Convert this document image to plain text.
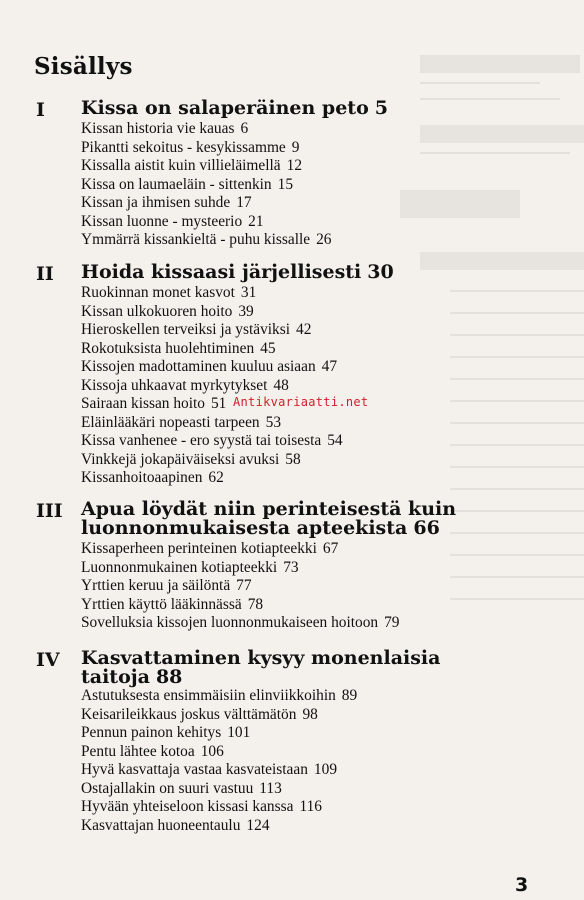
Sisällys
I Kissa on salaperäinen peto 5
Kissan historia vie kauas 6
Pikantti sekoitus - kesykissamme 9
Kissalla aistit kuin villieläimellä 12
Kissa on laumaeläin - sittenkin 15
Kissan ja ihmisen suhde 17
Kissan luonne - mysteerio 21
Ymmärrä kissankieltä - puhu kissalle 26
II Hoida kissaasi järjellisesti 30
Ruokinnan monet kasvot 31
Kissan ulkokuoren hoito 39
Hieroskellen terveiksi ja ystäviksi 42
Rokotuksista huolehtiminen 45
Kissojen madottaminen kuuluu asiaan 47
Kissoja uhkaavat myrkytykset 48
Sairaan kissan hoito 51
Eläinlääkäri nopeasti tarpeen 53
Kissa vanhenee - ero syystä tai toisesta 54
Vinkkejä jokapäiväiseksi avuksi 58
Kissanhoitoaapinen 62
III Apua löydät niin perinteisestä kuin
luonnonmukaisesta apteekista 66
Kissaperheen perinteinen kotiapteekki 67
Luonnonmukainen kotiapteekki 73
Yrttien keruu ja säilöntä 77
Yrttien käyttö lääkinnässä 78
Sovelluksia kissojen luonnonmukaiseen hoitoon 79
IV Kasvattaminen kysyy monenlaisia
taitoja 88
Astutuksesta ensimmäisiin elinviikkoihin 89
Keisarileikkaus joskus välttämätön 98
Pennun painon kehitys 101
Pentu lähtee kotoa 106
Hyvä kasvattaja vastaa kasvateistaan 109
Ostajallakin on suuri vastuu 113
Hyvään yhteiseloon kissasi kanssa 116
Kasvattajan huoneentaulu 124
Antikvariaatti.net
3
